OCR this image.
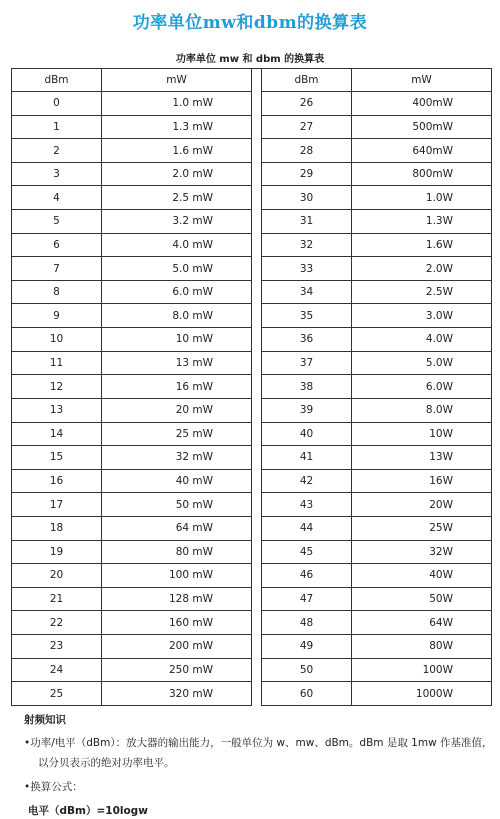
功率单位mw和dbm的换算表
功率单位 mw 和 dbm 的换算表
dBm	mW		dBm	mW
0	1.0 mW		26	400mW
1	1.3 mW		27	500mW
2	1.6 mW		28	640mW
3	2.0 mW		29	800mW
4	2.5 mW		30	1.0W
5	3.2 mW		31	1.3W
6	4.0 mW		32	1.6W
7	5.0 mW		33	2.0W
8	6.0 mW		34	2.5W
9	8.0 mW		35	3.0W
10	10 mW		36	4.0W
11	13 mW		37	5.0W
12	16 mW		38	6.0W
13	20 mW		39	8.0W
14	25 mW		40	10W
15	32 mW		41	13W
16	40 mW		42	16W
17	50 mW		43	20W
18	64 mW		44	25W
19	80 mW		45	32W
20	100 mW		46	40W
21	128 mW		47	50W
22	160 mW		48	64W
23	200 mW		49	80W
24	250 mW		50	100W
25	320 mW		60	1000W
射频知识
•功率/电平（dBm）：放大器的输出能力，一般单位为 w、mw、dBm。dBm 是取 1mw 作基准值，
以分贝表示的绝对功率电平。
•换算公式：
电平（dBm）=10logw
